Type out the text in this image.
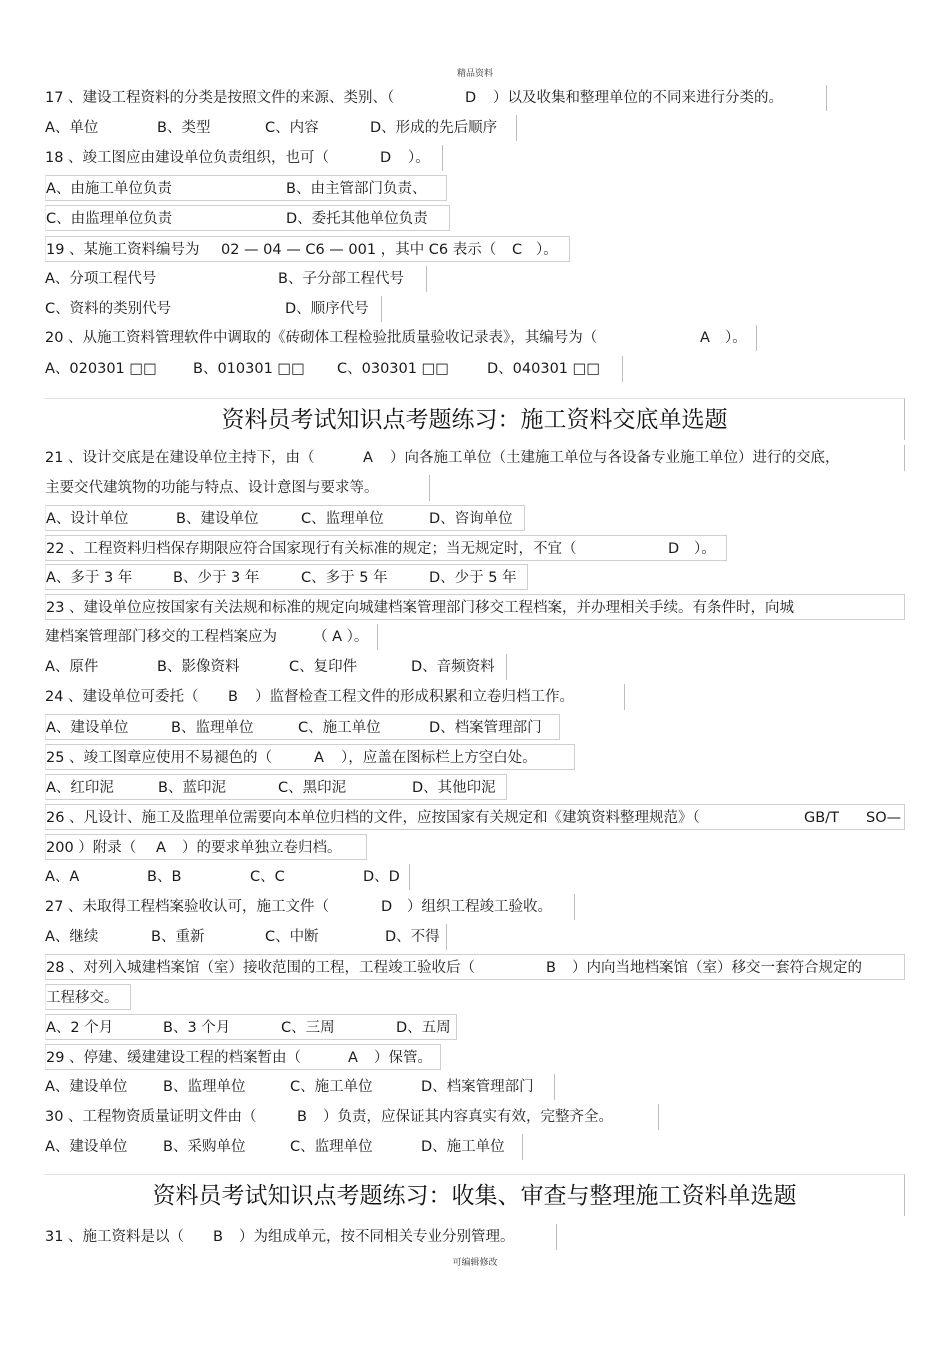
精品资料
17 、建设工程资料的分类是按照文件的来源、类别、（	D ）以及收集和整理单位的不同来进行分类的。
A、单位	B、类型	C、内容	D、形成的先后顺序
18 、竣工图应由建设单位负责组织，也可（	D ）。
A、由施工单位负责	B、由主管部门负责、
C、由监理单位负责	D、委托其他单位负责
19 、某施工资料编号为 02 — 04 — C6 — 001 ，其中 C6 表示（ C ）。
A、分项工程代号	B、子分部工程代号
C、资料的类别代号	D、顺序代号
20 、从施工资料管理软件中调取的《砖砌体工程检验批质量验收记录表》，其编号为（	A ）。
A、020301 □□ B、010301 □□ C、030301 □□	D、040301 □□
21 、设计交底是在建设单位主持下，由（	A ）向各施工单位（土建施工单位与各设备专业施工单位）进行的交底，
主要交代建筑物的功能与特点、设计意图与要求等。
A、设计单位	B、建设单位	C、监理单位	D、咨询单位
22 、工程资料归档保存期限应符合国家现行有关标准的规定；当无规定时，不宜（	D ）。
A、多于 3 年	B、少于 3 年	C、多于 5 年	D、少于 5 年
23 、建设单位应按国家有关法规和标准的规定向城建档案管理部门移交工程档案，并办理相关手续。有条件时，向城
建档案管理部门移交的工程档案应为 （ A ）。
A、原件	B、影像资料	C、复印件	D、音频资料
24 、建设单位可委托（ B ）监督检查工程文件的形成积累和立卷归档工作。
A、建设单位	B、监理单位	C、施工单位	D、档案管理部门
25 、竣工图章应使用不易褪色的（	A ），应盖在图标栏上方空白处。
A、红印泥	B、蓝印泥	C、黑印泥	D、其他印泥
26 、凡设计、施工及监理单位需要向本单位归档的文件，应按国家有关规定和《建筑资料整理规范》（	GB/T SO—
200 ）附录（ A ）的要求单独立卷归档。
A、A	B、B	C、C	D、D
27 、未取得工程档案验收认可，施工文件（	D ）组织工程竣工验收。
A、继续	B、重新	C、中断	D、不得
28 、对列入城建档案馆（室）接收范围的工程，工程竣工验收后（	B ）内向当地档案馆（室）移交一套符合规定的
工程移交。
A、2 个月	B、3 个月	C、三周	D、五周
29 、停建、缓建建设工程的档案暂由（	A ）保管。
A、建设单位 B、监理单位	C、施工单位	D、档案管理部门
30 、工程物资质量证明文件由（	B ）负责，应保证其内容真实有效，完整齐全。
A、建设单位 B、采购单位	C、监理单位	D、施工单位
31 、施工资料是以（ B ）为组成单元，按不同相关专业分别管理。
资料员考试知识点考题练习：施工资料交底单选题
资料员考试知识点考题练习：收集、审查与整理施工资料单选题
可编辑修改
